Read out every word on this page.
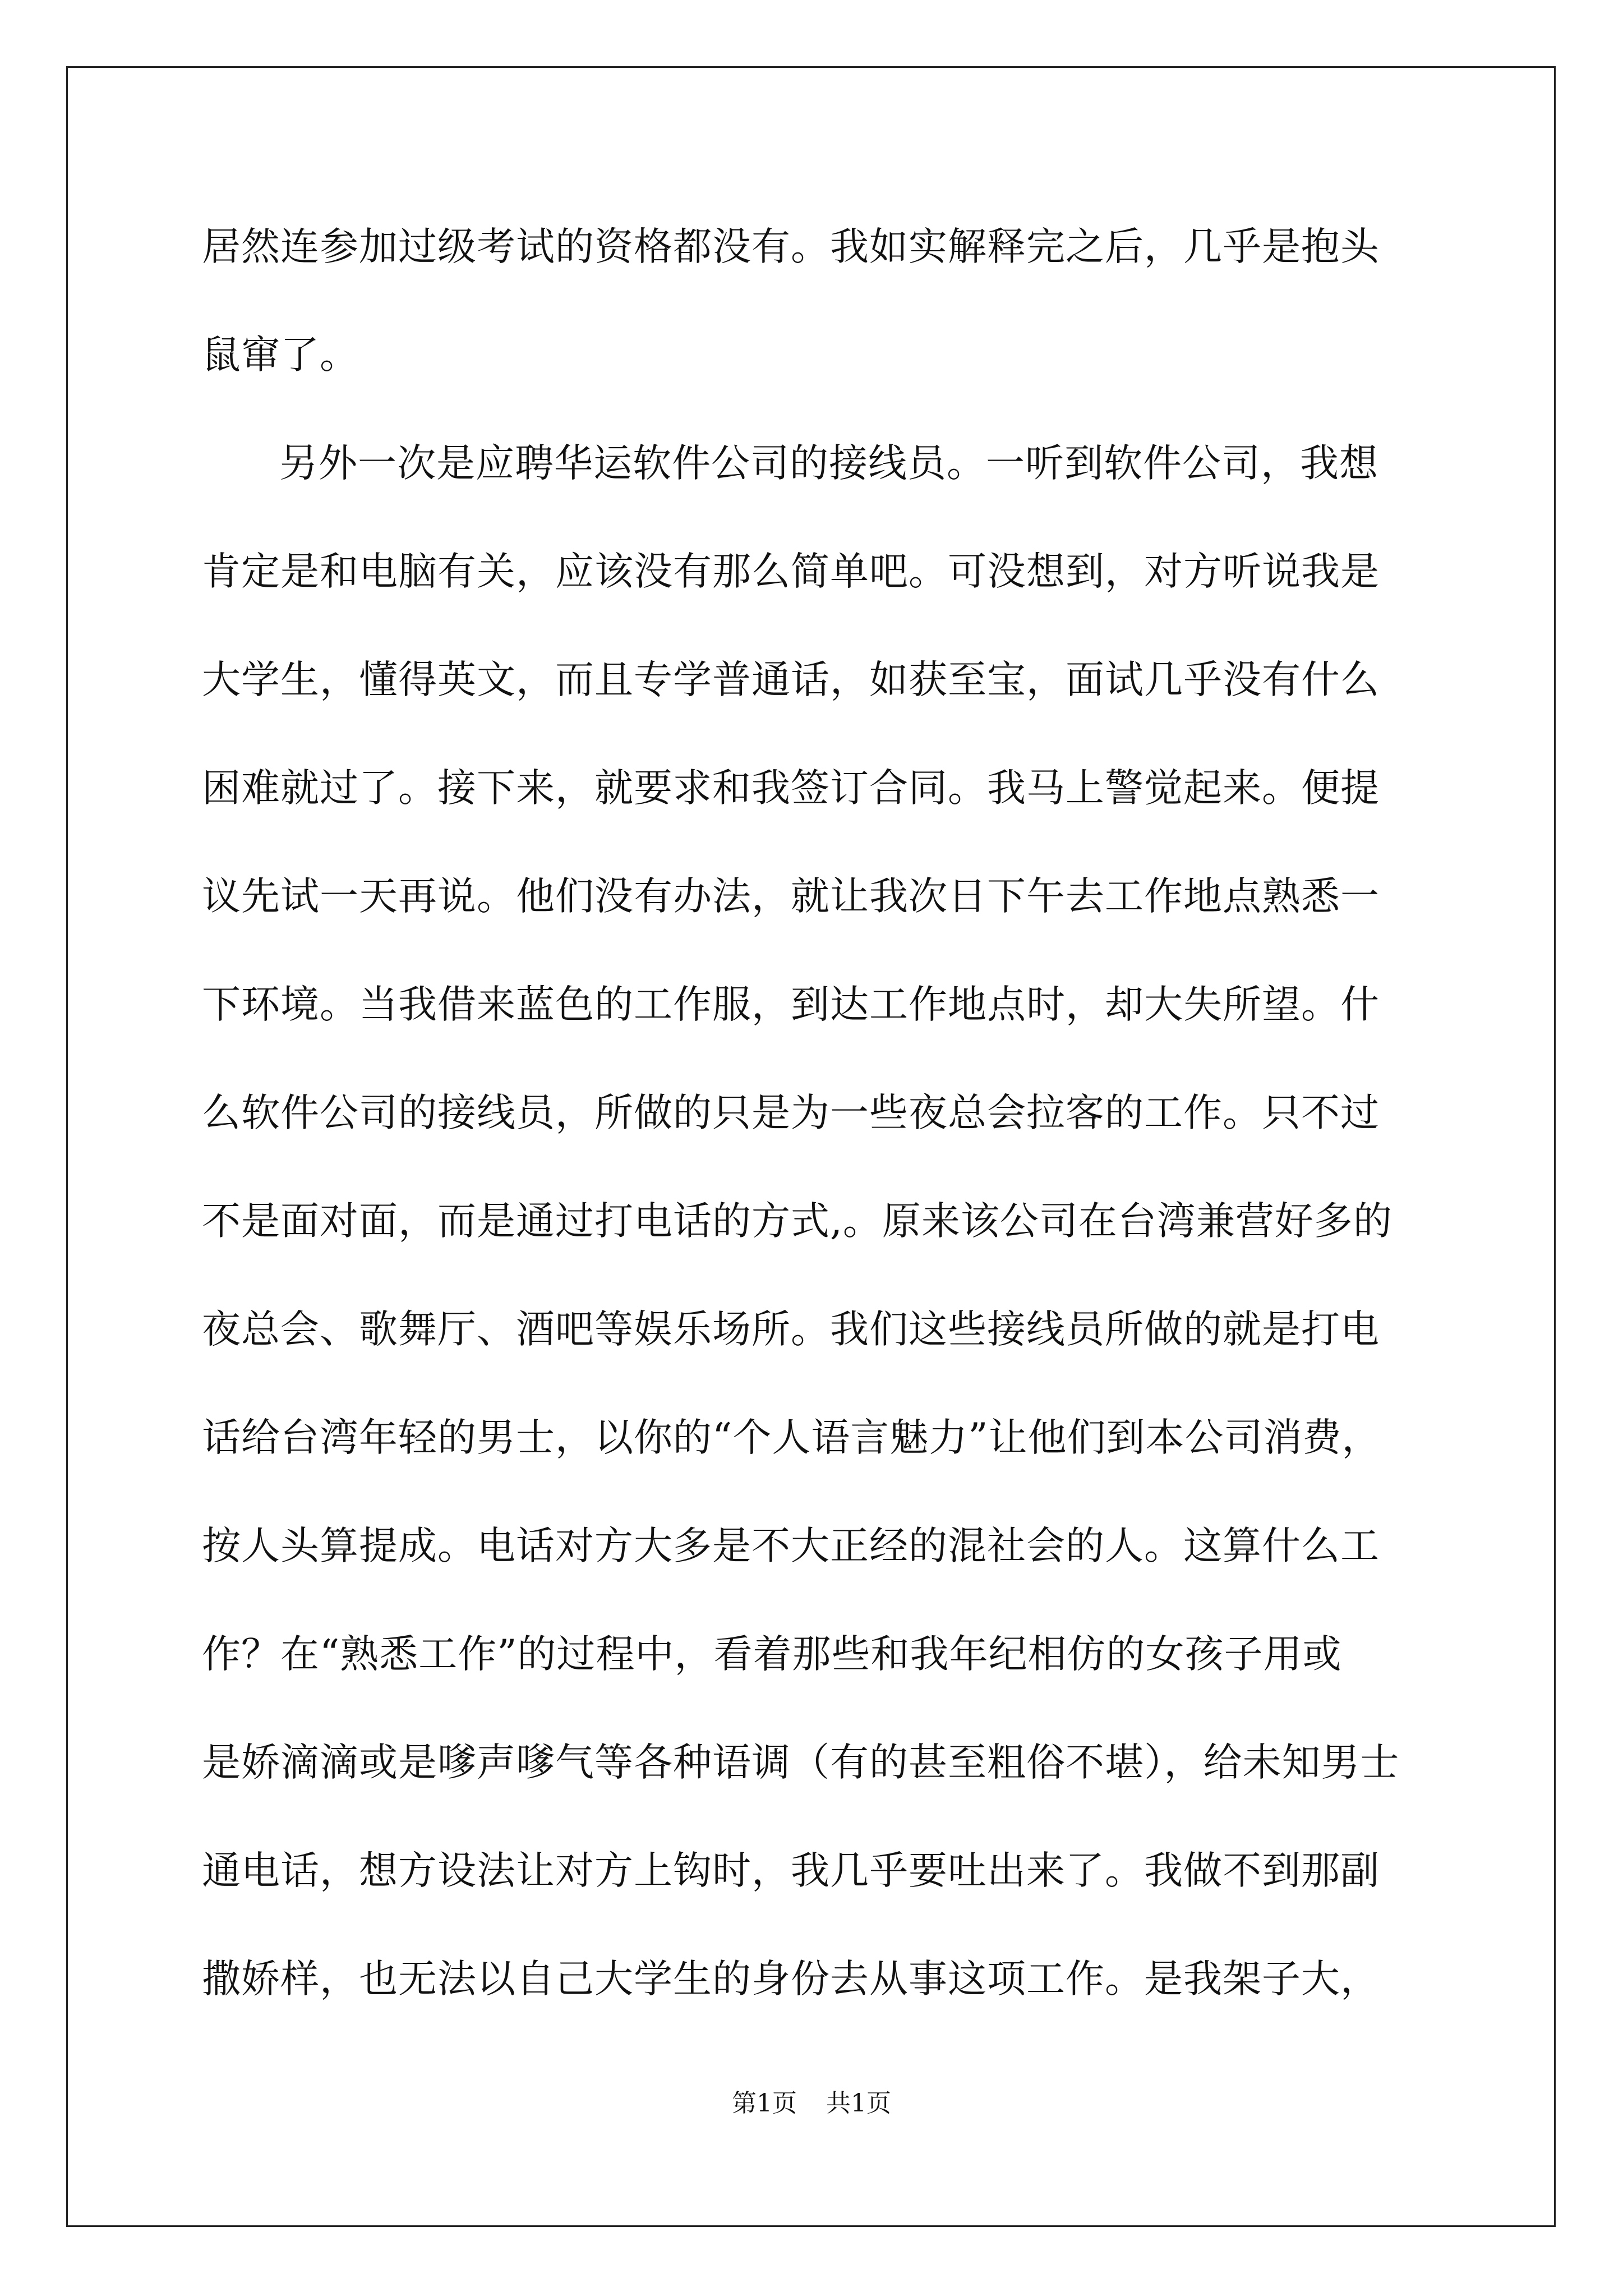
居然连参加过级考试的资格都没有。我如实解释完之后，几乎是抱头
鼠窜了。
另外一次是应聘华运软件公司的接线员。一听到软件公司，我想
肯定是和电脑有关，应该没有那么简单吧。可没想到，对方听说我是
大学生，懂得英文，而且专学普通话，如获至宝，面试几乎没有什么
困难就过了。接下来，就要求和我签订合同。我马上警觉起来。便提
议先试一天再说。他们没有办法，就让我次日下午去工作地点熟悉一
下环境。当我借来蓝色的工作服，到达工作地点时，却大失所望。什
么软件公司的接线员，所做的只是为一些夜总会拉客的工作。只不过
不是面对面，而是通过打电话的方式,。原来该公司在台湾兼营好多的
夜总会、歌舞厅、酒吧等娱乐场所。我们这些接线员所做的就是打电
话给台湾年轻的男士，以你的“个人语言魅力”让他们到本公司消费，
按人头算提成。电话对方大多是不大正经的混社会的人。这算什么工
作？在“熟悉工作”的过程中，看着那些和我年纪相仿的女孩子用或
是娇滴滴或是嗲声嗲气等各种语调（有的甚至粗俗不堪），给未知男士
通电话，想方设法让对方上钩时，我几乎要吐出来了。我做不到那副
撒娇样，也无法以自己大学生的身份去从事这项工作。是我架子大，
第1页 共1页
